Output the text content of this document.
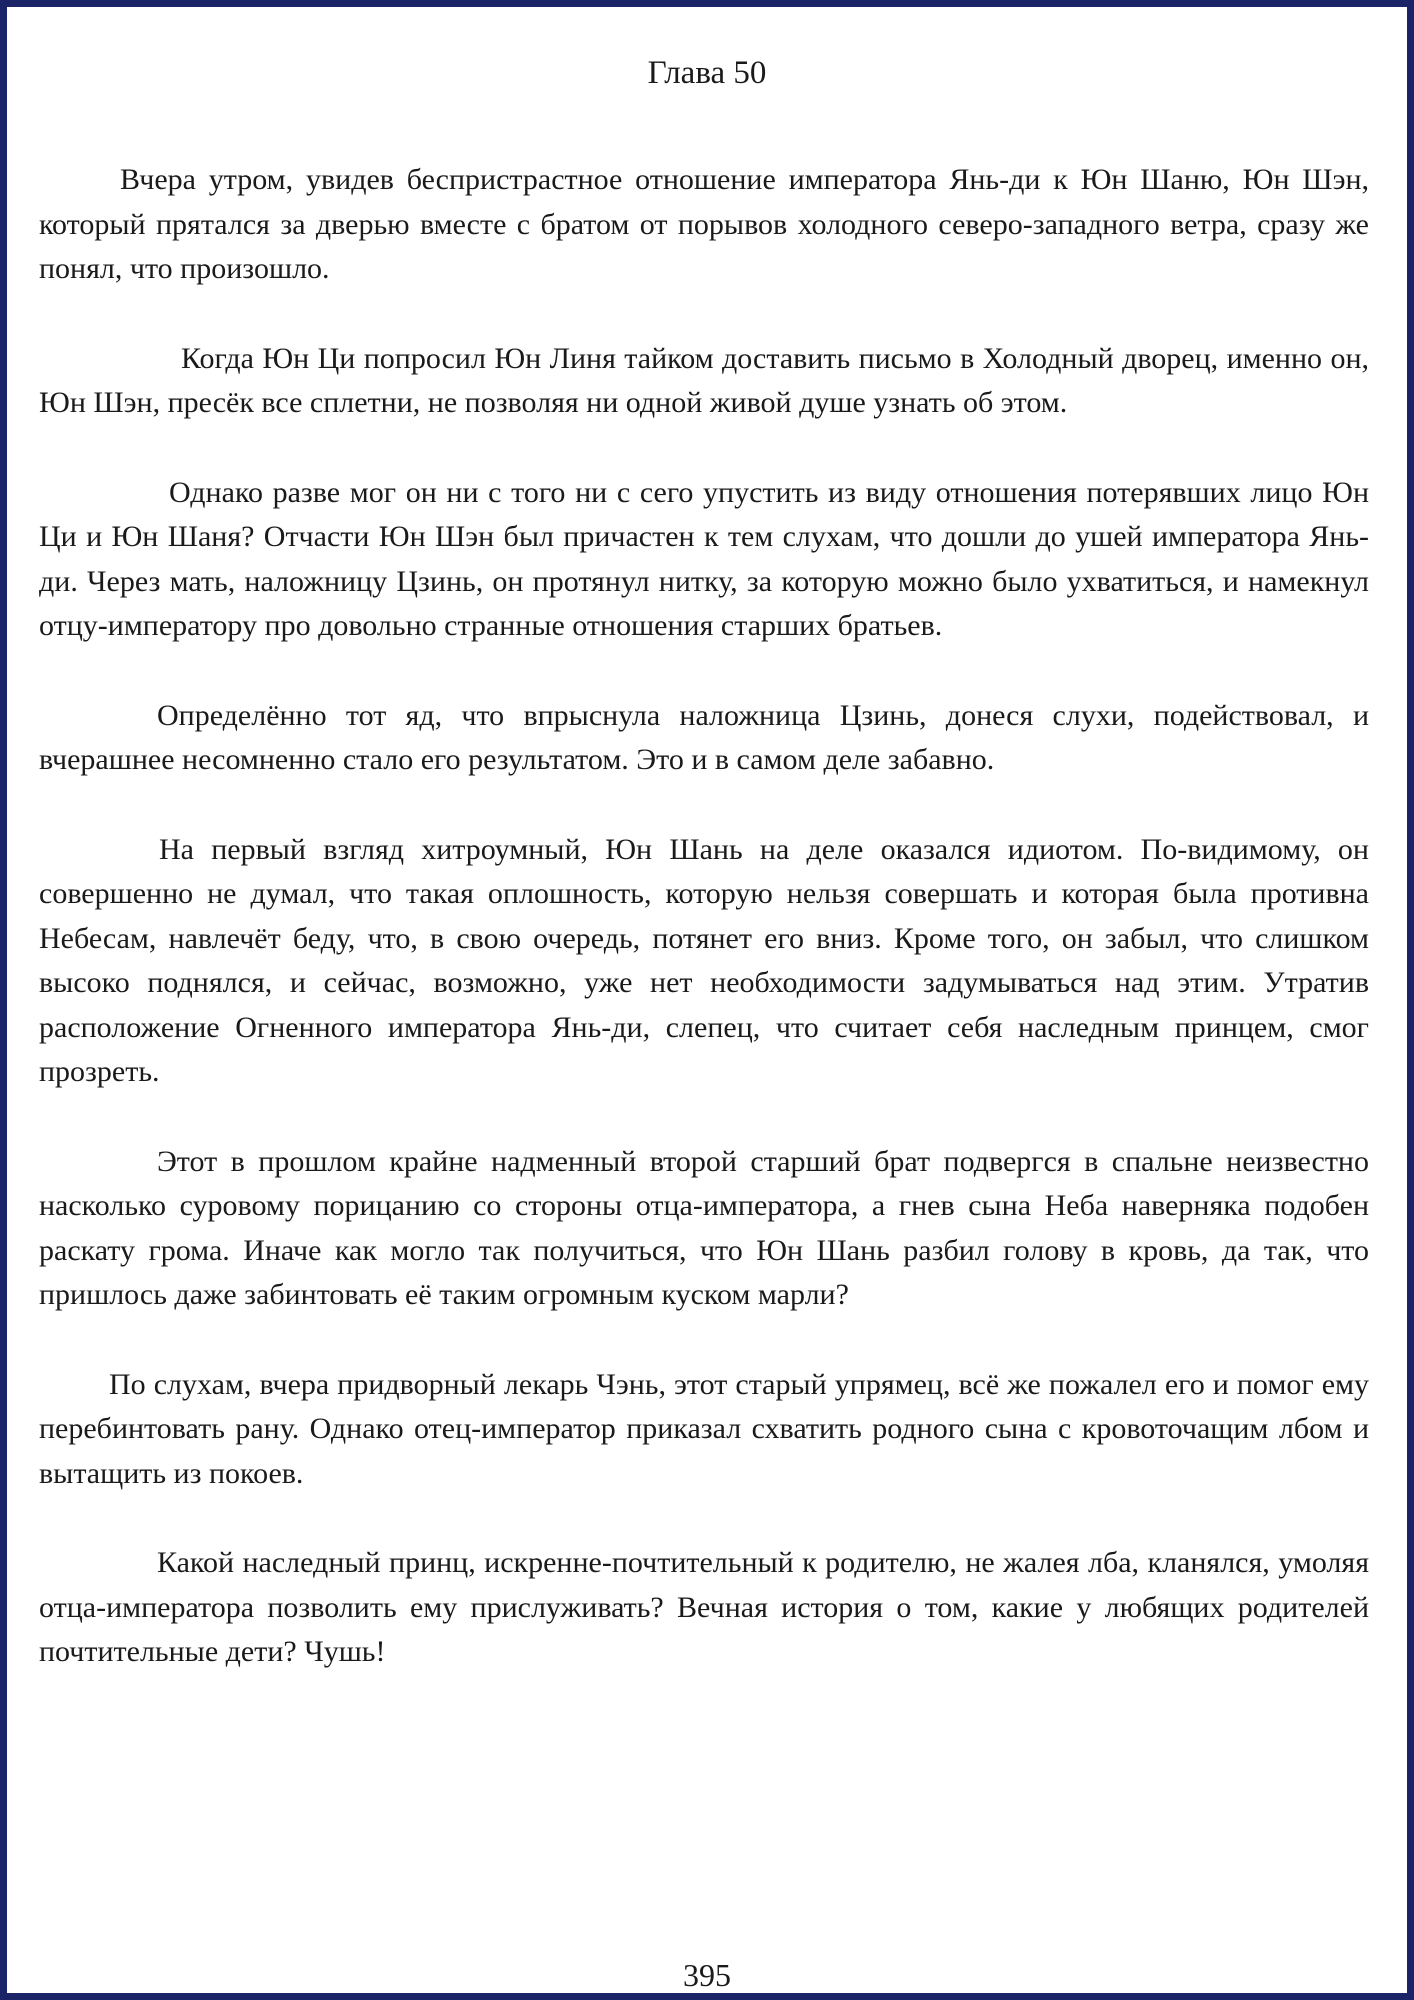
Глава 50

Вчера утром, увидев беспристрастное отношение императора Янь-ди к Юн Шаню, Юн Шэн, который прятался за дверью вместе с братом от порывов холодного северо-западного ветра, сразу же понял, что произошло.

Когда Юн Ци попросил Юн Линя тайком доставить письмо в Холодный дворец, именно он, Юн Шэн, пресёк все сплетни, не позволяя ни одной живой душе узнать об этом.

Однако разве мог он ни с того ни с сего упустить из виду отношения потерявших лицо Юн Ци и Юн Шаня? Отчасти Юн Шэн был причастен к тем слухам, что дошли до ушей императора Янь-ди. Через мать, наложницу Цзинь, он протянул нитку, за которую можно было ухватиться, и намекнул отцу-императору про довольно странные отношения старших братьев.

Определённо тот яд, что впрыснула наложница Цзинь, донеся слухи, подействовал, и вчерашнее несомненно стало его результатом. Это и в самом деле забавно.

На первый взгляд хитроумный, Юн Шань на деле оказался идиотом. По-видимому, он совершенно не думал, что такая оплошность, которую нельзя совершать и которая была противна Небесам, навлечёт беду, что, в свою очередь, потянет его вниз. Кроме того, он забыл, что слишком высоко поднялся, и сейчас, возможно, уже нет необходимости задумываться над этим. Утратив расположение Огненного императора Янь-ди, слепец, что считает себя наследным принцем, смог прозреть.

Этот в прошлом крайне надменный второй старший брат подвергся в спальне неизвестно насколько суровому порицанию со стороны отца-императора, а гнев сына Неба наверняка подобен раскату грома. Иначе как могло так получиться, что Юн Шань разбил голову в кровь, да так, что пришлось даже забинтовать её таким огромным куском марли?

По слухам, вчера придворный лекарь Чэнь, этот старый упрямец, всё же пожалел его и помог ему перебинтовать рану. Однако отец-император приказал схватить родного сына с кровоточащим лбом и вытащить из покоев.

Какой наследный принц, искренне-почтительный к родителю, не жалея лба, кланялся, умоляя отца-императора позволить ему прислуживать? Вечная история о том, какие у любящих родителей почтительные дети? Чушь!

395
